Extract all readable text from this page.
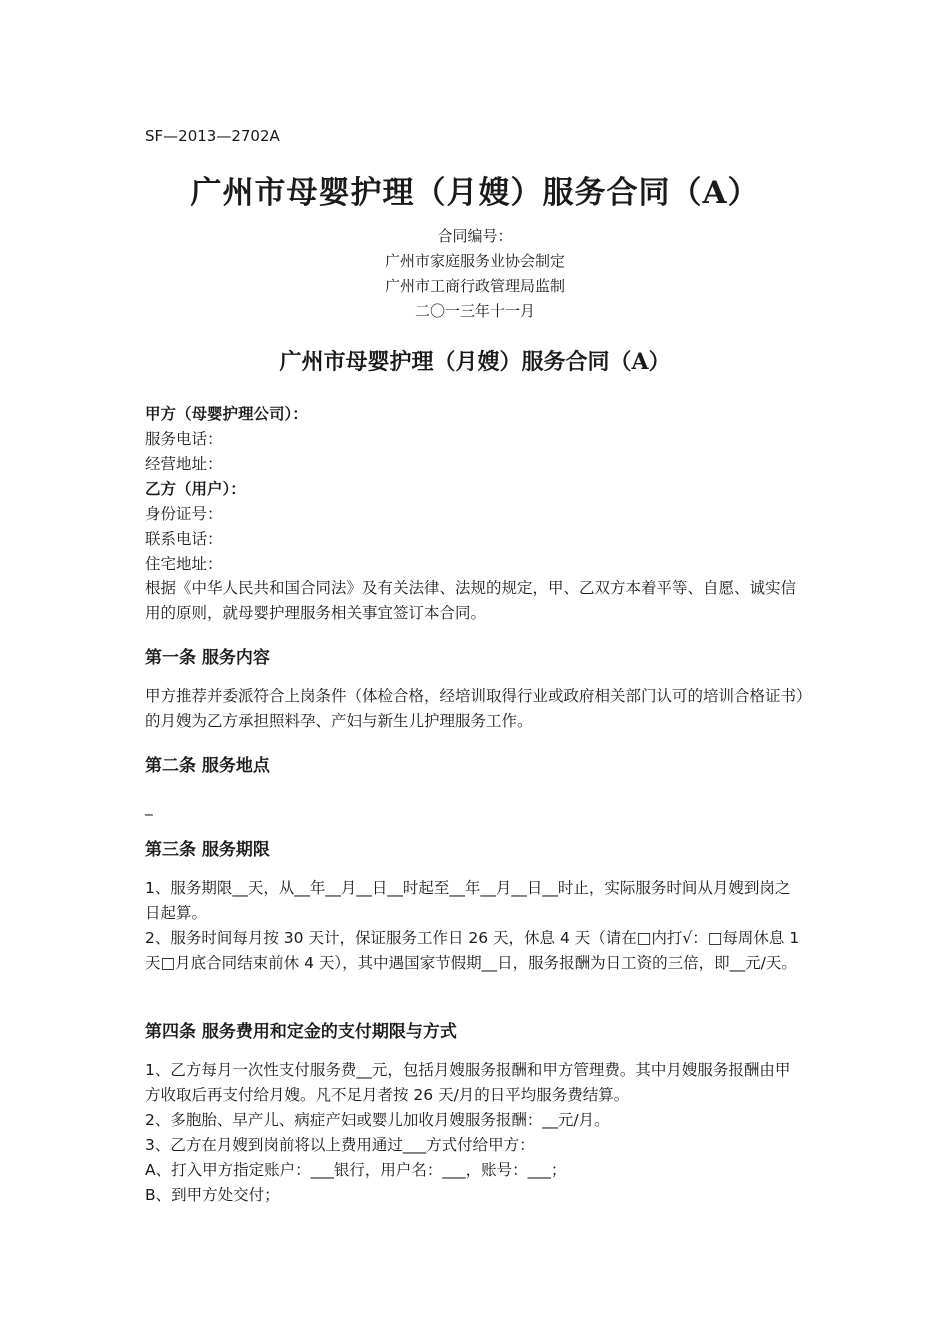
SF—2013—2702A
广州市母婴护理（月嫂）服务合同（A）
合同编号：
广州市家庭服务业协会制定
广州市工商行政管理局监制
二〇一三年十一月
广州市母婴护理（月嫂）服务合同（A）
甲方（母婴护理公司）：
服务电话：
经营地址：
乙方（用户）：
身份证号：
联系电话：
住宅地址：
根据《中华人民共和国合同法》及有关法律、法规的规定，甲、乙双方本着平等、自愿、诚实信用的原则，就母婴护理服务相关事宜签订本合同。
第一条 服务内容
甲方推荐并委派符合上岗条件（体检合格，经培训取得行业或政府相关部门认可的培训合格证书）的月嫂为乙方承担照料孕、产妇与新生儿护理服务工作。
第二条 服务地点
_
第三条 服务期限
1、服务期限__天，从__年__月__日__时起至__年__月__日__时止，实际服务时间从月嫂到岗之日起算。
2、服务时间每月按 30 天计，保证服务工作日 26 天，休息 4 天（请在□内打√：□每周休息 1 天□月底合同结束前休 4 天），其中遇国家节假期__日，服务报酬为日工资的三倍，即__元/天。
第四条 服务费用和定金的支付期限与方式
1、乙方每月一次性支付服务费__元，包括月嫂服务报酬和甲方管理费。其中月嫂服务报酬由甲方收取后再支付给月嫂。凡不足月者按 26 天/月的日平均服务费结算。
2、多胞胎、早产儿、病症产妇或婴儿加收月嫂服务报酬：__元/月。
3、乙方在月嫂到岗前将以上费用通过___方式付给甲方：
A、打入甲方指定账户：___银行，用户名：___，账号：___；
B、到甲方处交付；
